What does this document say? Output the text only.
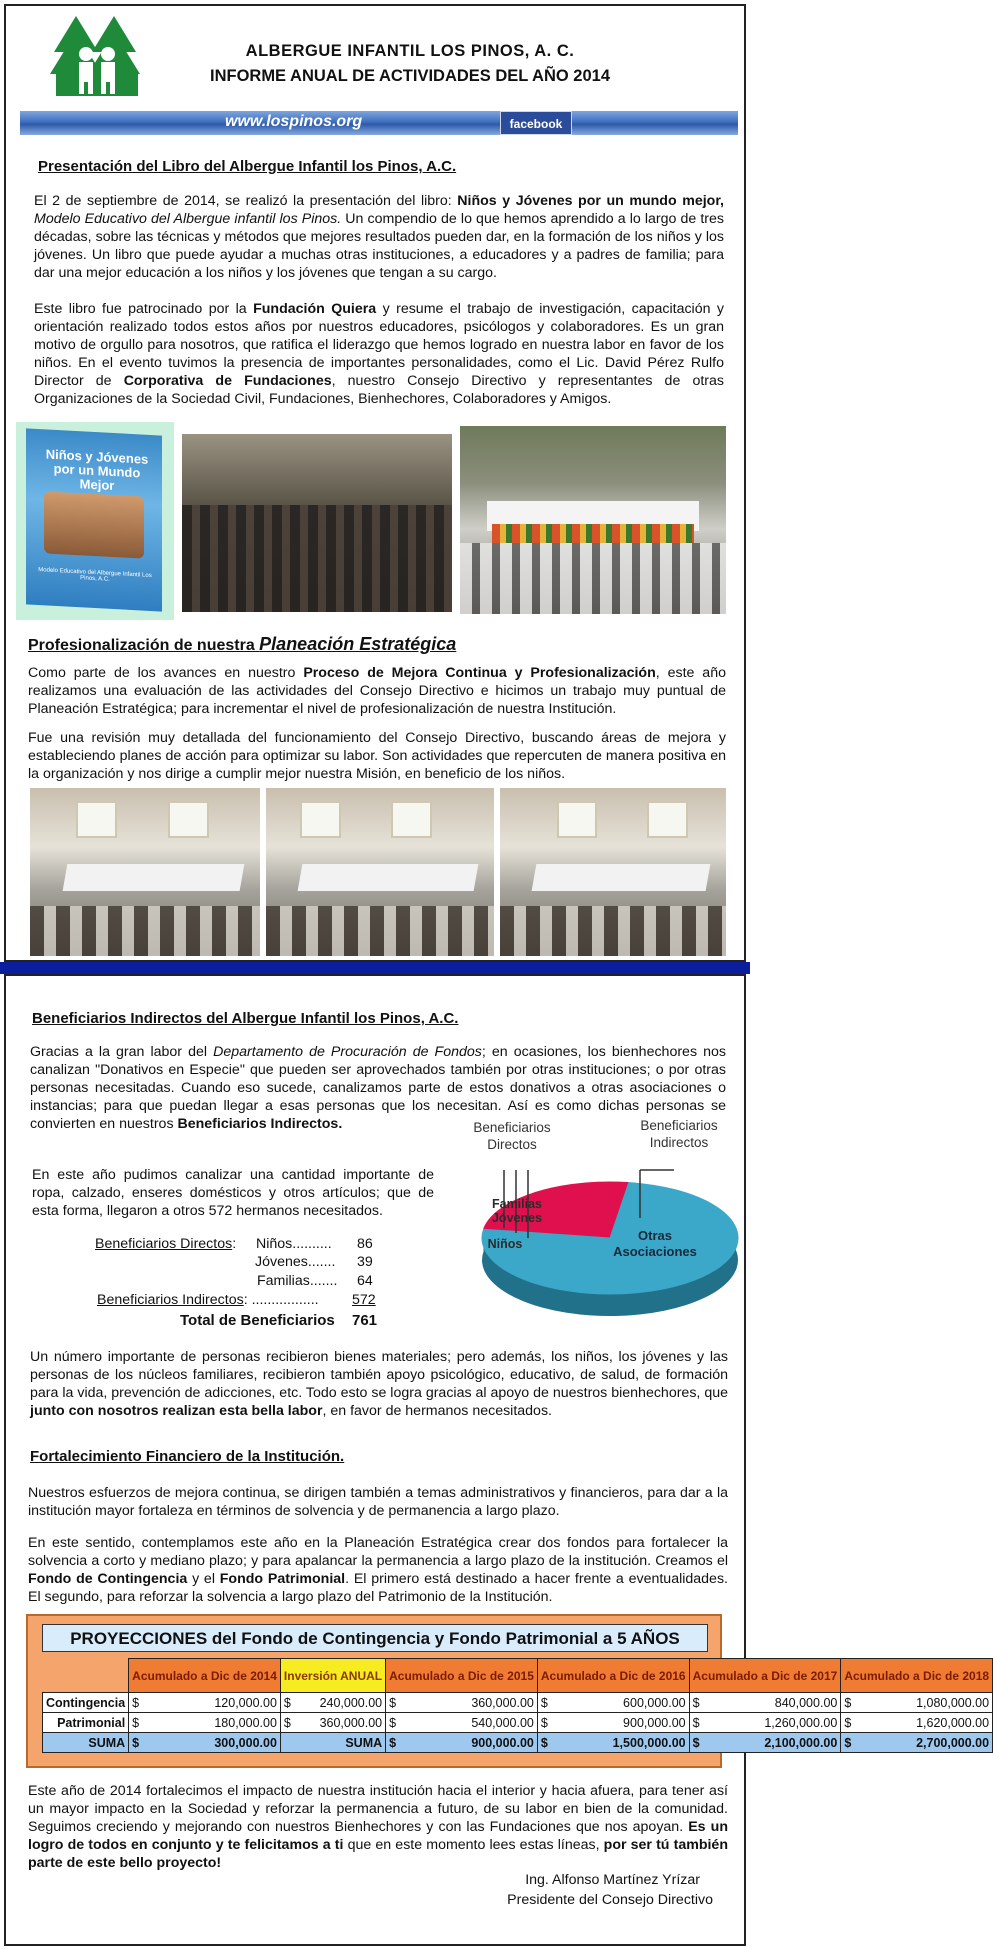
ALBERGUE INFANTIL LOS PINOS, A. C.
INFORME ANUAL DE ACTIVIDADES DEL AÑO 2014
www.lospinos.org	facebook
Presentación del Libro del Albergue Infantil los Pinos, A.C.

El 2 de septiembre de 2014, se realizó la presentación del libro: Niños y Jóvenes por un mundo mejor, Modelo Educativo del Albergue infantil los Pinos. Un compendio de lo que hemos aprendido a lo largo de tres décadas, sobre las técnicas y métodos que mejores resultados pueden dar, en la formación de los niños y los jóvenes. Un libro que puede ayudar a muchas otras instituciones, a educadores y a padres de familia; para dar una mejor educación a los niños y los jóvenes que tengan a su cargo.

Este libro fue patrocinado por la Fundación Quiera y resume el trabajo de investigación, capacitación y orientación realizado todos estos años por nuestros educadores, psicólogos y colaboradores. Es un gran motivo de orgullo para nosotros, que ratifica el liderazgo que hemos logrado en nuestra labor en favor de los niños. En el evento tuvimos la presencia de importantes personalidades, como el Lic. David Pérez Rulfo Director de Corporativa de Fundaciones, nuestro Consejo Directivo y representantes de otras Organizaciones de la Sociedad Civil, Fundaciones, Bienhechores, Colaboradores y Amigos.

Niños y Jóvenes por un Mundo Mejor
Modelo Educativo del Albergue Infantil Los Pinos, A.C.
Profesionalización de nuestra Planeación Estratégica

Como parte de los avances en nuestro Proceso de Mejora Continua y Profesionalización, este año realizamos una evaluación de las actividades del Consejo Directivo e hicimos un trabajo muy puntual de Planeación Estratégica; para incrementar el nivel de profesionalización de nuestra Institución.

Fue una revisión muy detallada del funcionamiento del Consejo Directivo, buscando áreas de mejora y estableciendo planes de acción para optimizar su labor. Son actividades que repercuten de manera positiva en la organización y nos dirige a cumplir mejor nuestra Misión, en beneficio de los niños.

Beneficiarios Indirectos del Albergue Infantil los Pinos, A.C.

Gracias a la gran labor del Departamento de Procuración de Fondos; en ocasiones, los bienhechores nos canalizan "Donativos en Especie" que pueden ser aprovechados también por otras instituciones; o por otras personas necesitadas. Cuando eso sucede, canalizamos parte de estos donativos a otras asociaciones o instancias; para que puedan llegar a esas personas que los necesitan. Así es como dichas personas se convierten en nuestros Beneficiarios Indirectos.

En este año pudimos canalizar una cantidad importante de ropa, calzado, enseres domésticos y otros artículos; que de esta forma, llegaron a otros 572 hermanos necesitados.

Beneficiarios Directos: Niños.......... 86
Jóvenes....... 39
Familias....... 64
Beneficiarios Indirectos: ................. 572
Total de Beneficiarios 761
Beneficiarios
Directos
Beneficiarios
Indirectos
Familias
Jóvenes
Niños
Otras
Asociaciones

Un número importante de personas recibieron bienes materiales; pero además, los niños, los jóvenes y las personas de los núcleos familiares, recibieron también apoyo psicológico, educativo, de salud, de formación para la vida, prevención de adicciones, etc. Todo esto se logra gracias al apoyo de nuestros bienhechores, que junto con nosotros realizan esta bella labor, en favor de hermanos necesitados.

Fortalecimiento Financiero de la Institución.

Nuestros esfuerzos de mejora continua, se dirigen también a temas administrativos y financieros, para dar a la institución mayor fortaleza en términos de solvencia y de permanencia a largo plazo.

En este sentido, contemplamos este año en la Planeación Estratégica crear dos fondos para fortalecer la solvencia a corto y mediano plazo; y para apalancar la permanencia a largo plazo de la institución. Creamos el Fondo de Contingencia y el Fondo Patrimonial. El primero está destinado a hacer frente a eventualidades. El segundo, para reforzar la solvencia a largo plazo del Patrimonio de la Institución.

PROYECCIONES del Fondo de Contingencia y Fondo Patrimonial a 5 AÑOS
	Acumulado a Dic de 2014	Inversión ANUAL	Acumulado a Dic de 2015	Acumulado a Dic de 2016	Acumulado a Dic de 2017	Acumulado a Dic de 2018
Contingencia	$ 120,000.00	$ 240,000.00	$ 360,000.00	$ 600,000.00	$ 840,000.00	$ 1,080,000.00

Patrimonial	$ 180,000.00	$ 360,000.00	$ 540,000.00	$ 900,000.00	$ 1,260,000.00	$ 1,620,000.00

SUMA	$ 300,000.00	SUMA	$ 900,000.00	$ 1,500,000.00	$ 2,100,000.00	$ 2,700,000.00

Este año de 2014 fortalecimos el impacto de nuestra institución hacia el interior y hacia afuera, para tener así un mayor impacto en la Sociedad y reforzar la permanencia a futuro, de su labor en bien de la comunidad. Seguimos creciendo y mejorando con nuestros Bienhechores y con las Fundaciones que nos apoyan. Es un logro de todos en conjunto y te felicitamos a ti que en este momento lees estas líneas, por ser tú también parte de este bello proyecto!

Ing. Alfonso Martínez Yrízar
Presidente del Consejo Directivo
